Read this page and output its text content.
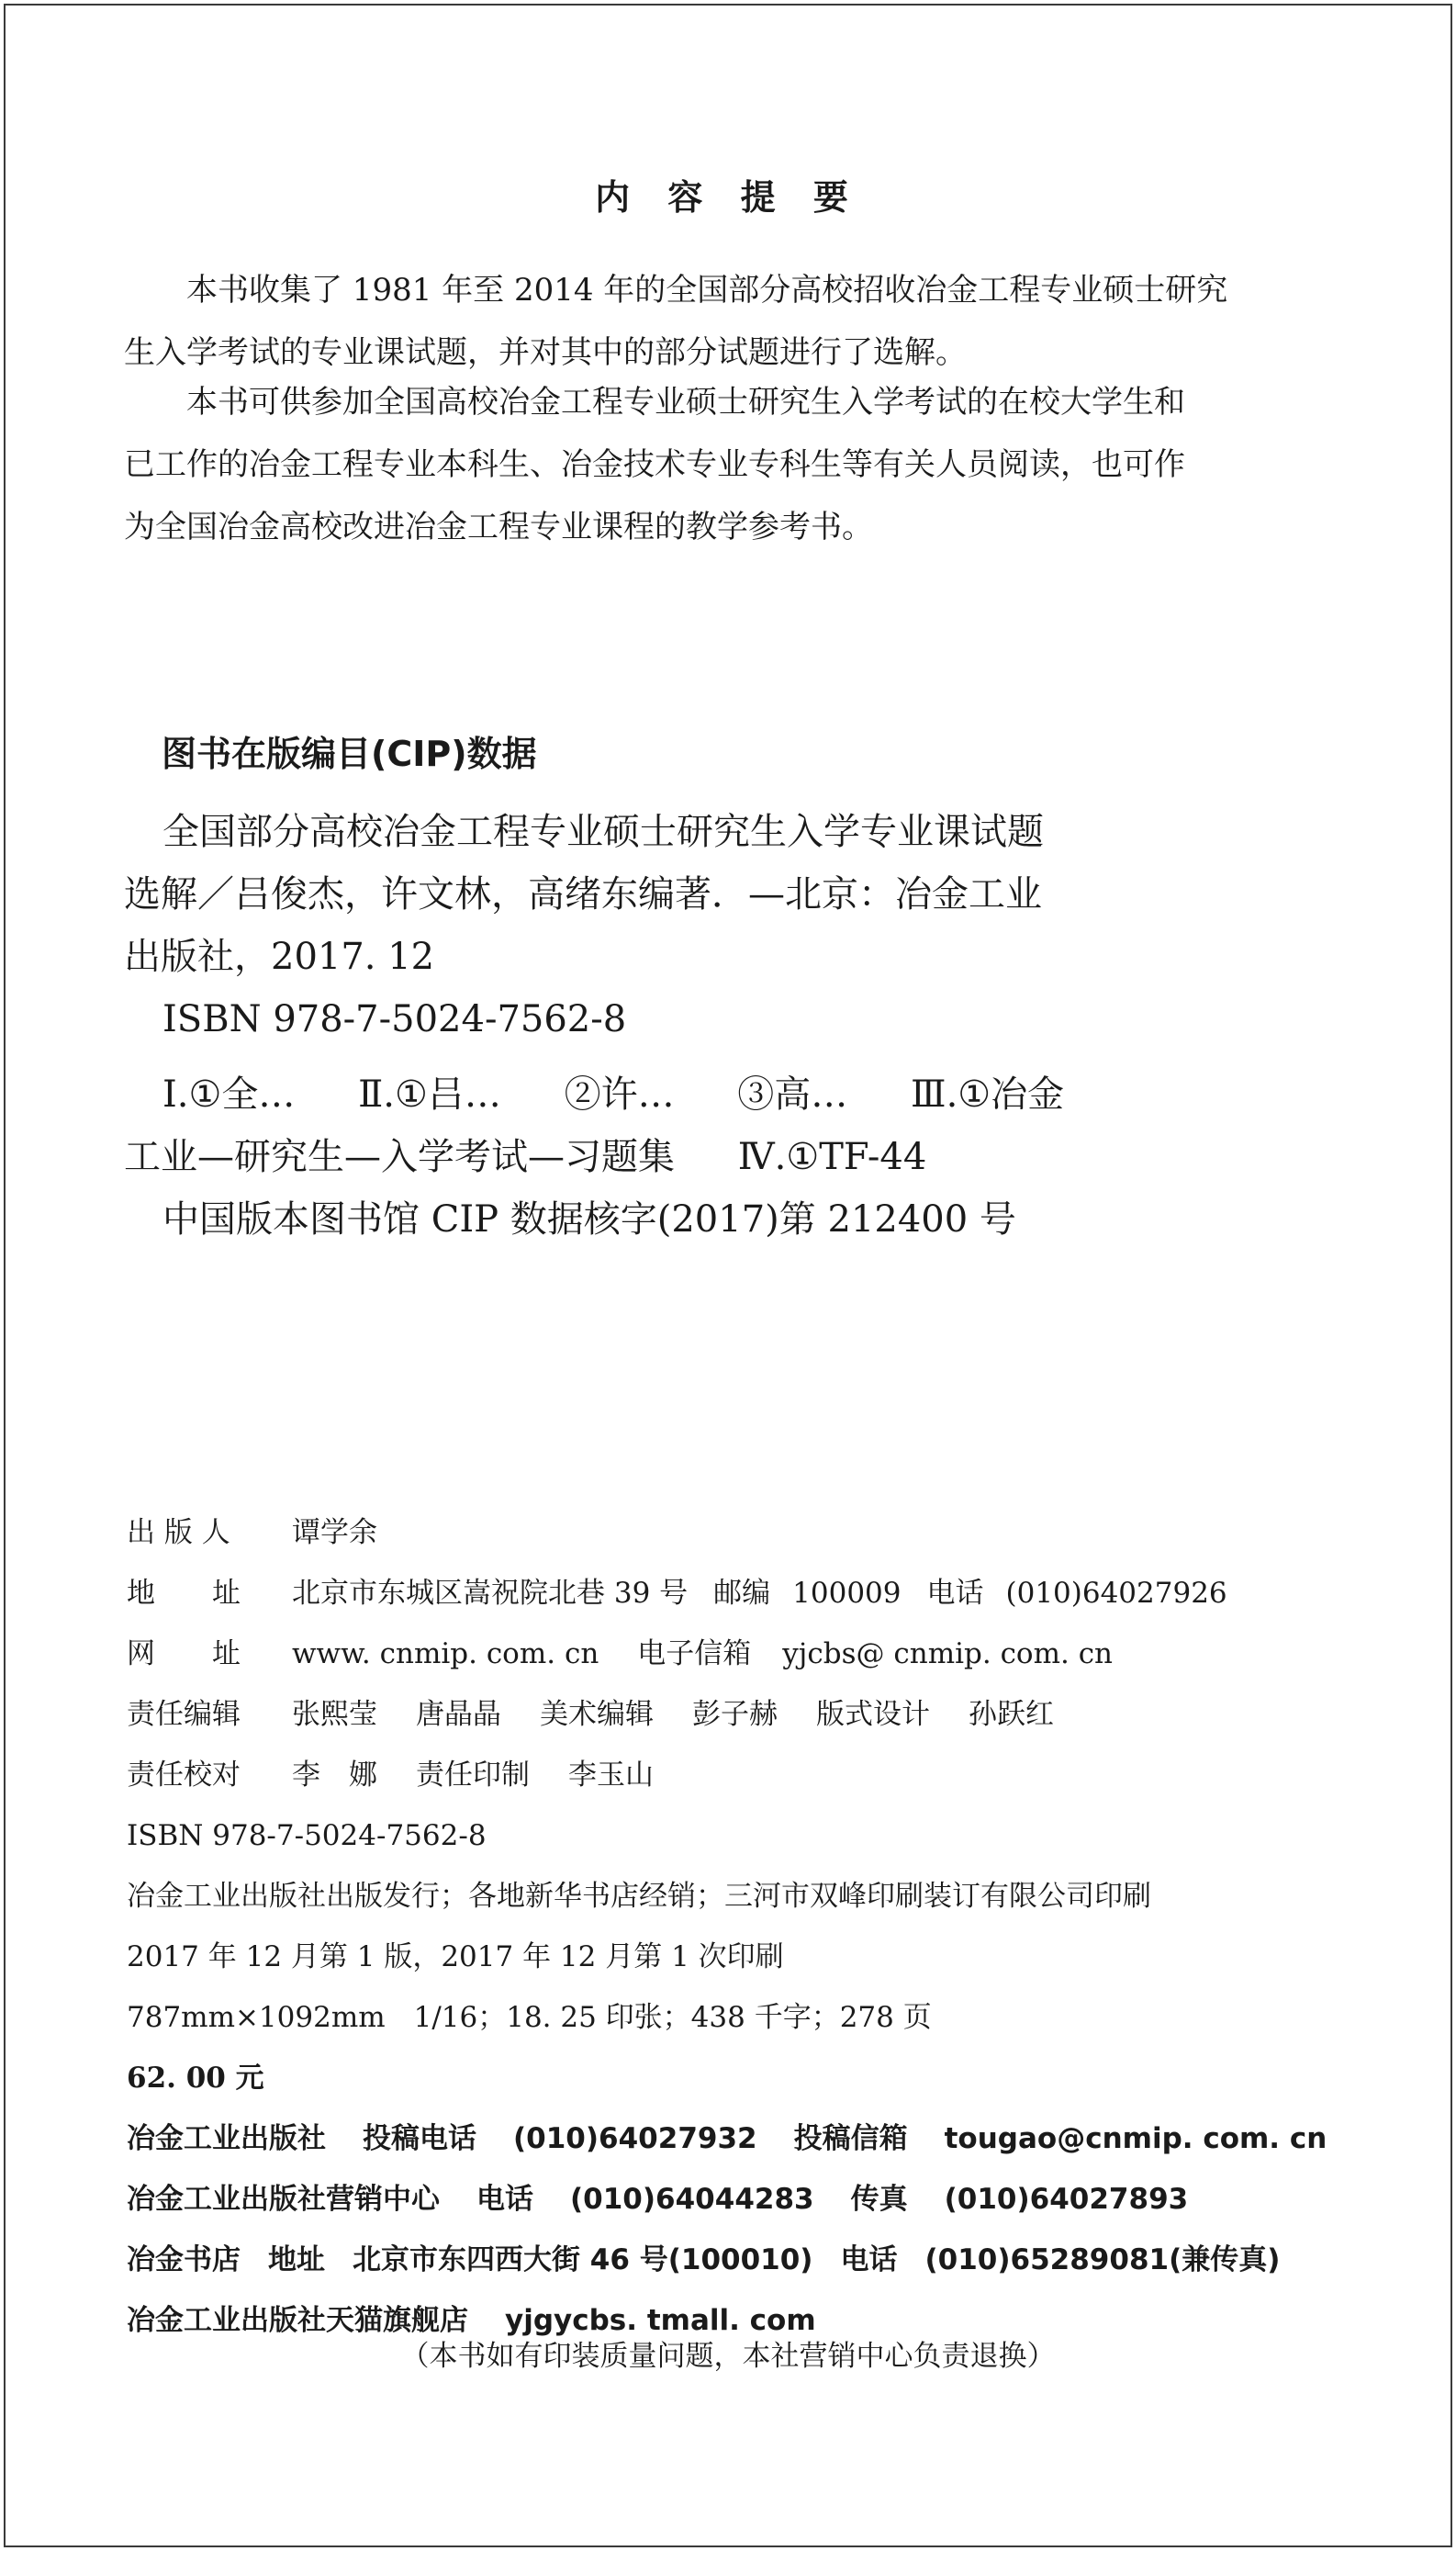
内 容 提 要
本书收集了 1981 年至 2014 年的全国部分高校招收冶金工程专业硕士研究
生入学考试的专业课试题，并对其中的部分试题进行了选解。
本书可供参加全国高校冶金工程专业硕士研究生入学考试的在校大学生和
已工作的冶金工程专业本科生、冶金技术专业专科生等有关人员阅读，也可作
为全国冶金高校改进冶金工程专业课程的教学参考书。
图书在版编目(CIP)数据
全国部分高校冶金工程专业硕士研究生入学专业课试题
选解／吕俊杰，许文林，高绪东编著．—北京：冶金工业
出版社，2017. 12
ISBN 978-7-5024-7562-8
Ⅰ.①全… Ⅱ.①吕… ②许… ③高… Ⅲ.①冶金
工业—研究生—入学考试—习题集 Ⅳ.①TF-44
中国版本图书馆 CIP 数据核字(2017)第 212400 号
出 版 人	谭学余
地　　址	北京市东城区嵩祝院北巷 39 号 邮编 100009 电话 (010)64027926
网　　址	www. cnmip. com. cn 电子信箱 yjcbs@ cnmip. com. cn
责任编辑	张熙莹 唐晶晶 美术编辑 彭子赫 版式设计 孙跃红
责任校对	李　娜 责任印制 李玉山
ISBN 978-7-5024-7562-8
冶金工业出版社出版发行；各地新华书店经销；三河市双峰印刷装订有限公司印刷
2017 年 12 月第 1 版，2017 年 12 月第 1 次印刷
787mm×1092mm　1/16；18. 25 印张；438 千字；278 页
62. 00 元
冶金工业出版社 投稿电话 (010)64027932 投稿信箱 tougao@cnmip. com. cn
冶金工业出版社营销中心 电话 (010)64044283 传真 (010)64027893
冶金书店 地址 北京市东四西大街 46 号(100010) 电话 (010)65289081(兼传真)
冶金工业出版社天猫旗舰店 yjgycbs. tmall. com
（本书如有印装质量问题，本社营销中心负责退换）
